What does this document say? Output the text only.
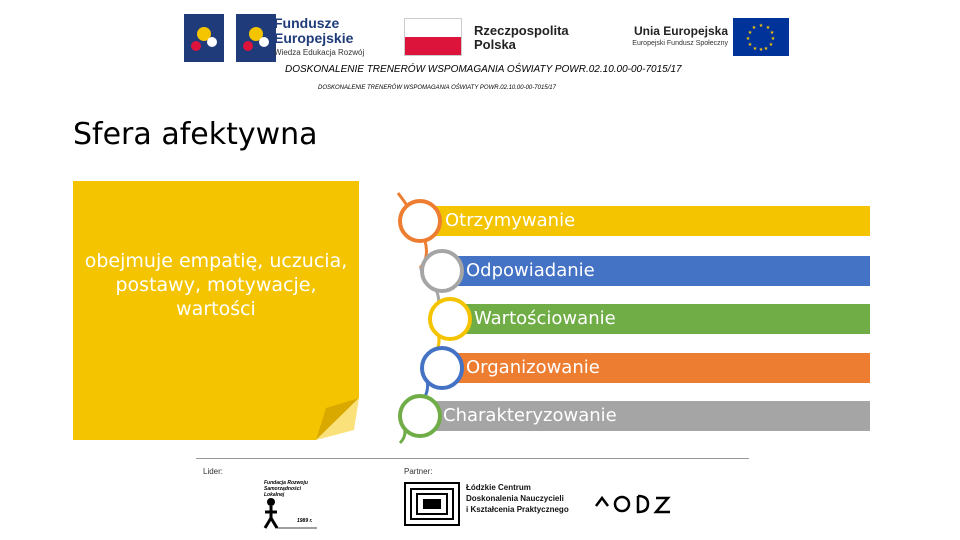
Fundusze
Europejskie
Wiedza Edukacja Rozwój
Rzeczpospolita
Polska
Unia Europejska
Europejski Fundusz Społeczny
★ ★
★
★
★
★
★
★
★
★
★
★
DOSKONALENIE TRENERÓW WSPOMAGANIA OŚWIATY POWR.02.10.00-00-7015/17
DOSKONALENIE TRENERÓW WSPOMAGANIA OŚWIATY POWR.02.10.00-00-7015/17
Sfera afektywna
obejmuje empatię, uczucia, postawy, motywacje, wartości
Otrzymywanie
Odpowiadanie
Wartościowanie
Organizowanie
Charakteryzowanie
Lider:	Partner:
Fundacja Rozwoju Samorządności Lokalnej
1989 r.
Łódzkie Centrum
Doskonalenia Nauczycieli
i Kształcenia Praktycznego
